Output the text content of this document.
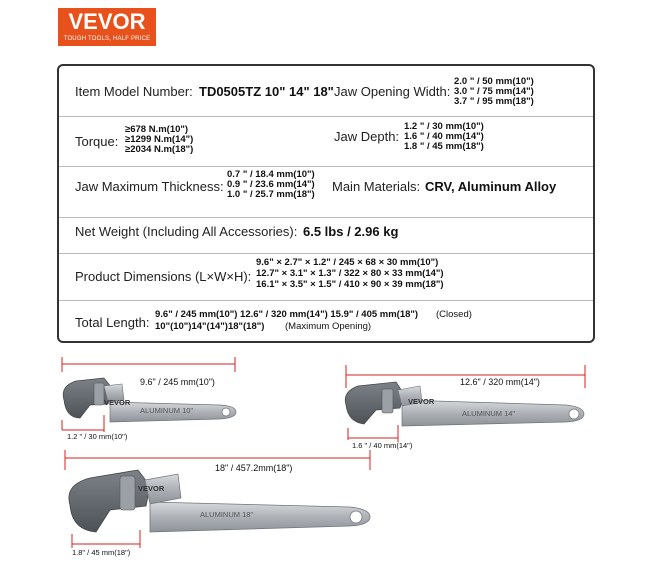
VEVOR
TOUGH TOOLS, HALF PRICE
Item Model Number: TD0505TZ 10" 14" 18" Jaw Opening Width:
2.0 " / 50 mm(10")
3.0 " / 75 mm(14")
3.7 " / 95 mm(18")
Torque:
≥678 N.m(10")
≥1299 N.m(14")
≥2034 N.m(18")
Jaw Depth:
1.2 " / 30 mm(10")
1.6 " / 40 mm(14")
1.8 " / 45 mm(18")
Jaw Maximum Thickness:
0.7 " / 18.4 mm(10")
0.9 " / 23.6 mm(14")
1.0 " / 25.7 mm(18")
Main Materials: CRV, Aluminum Alloy
Net Weight (Including All Accessories): 6.5 lbs / 2.96 kg
Product Dimensions (L×W×H):
9.6" × 2.7" × 1.2" / 245 × 68 × 30 mm(10")
12.7" × 3.1" × 1.3" / 322 × 80 × 33 mm(14")
16.1" × 3.5" × 1.5" / 410 × 90 × 39 mm(18")
Total Length:
9.6" / 245 mm(10") 12.6" / 320 mm(14") 15.9" / 405 mm(18") (Closed)
10"(10")14"(14")18"(18") (Maximum Opening)
VEVOR
ALUMINUM 10"
9.6" / 245 mm(10")
1.2 " / 30 mm(10")
VEVOR
ALUMINUM 14"
12.6" / 320 mm(14")
1.6 " / 40 mm(14")
VEVOR
ALUMINUM 18"
18" / 457.2mm(18")
1.8" / 45 mm(18")
